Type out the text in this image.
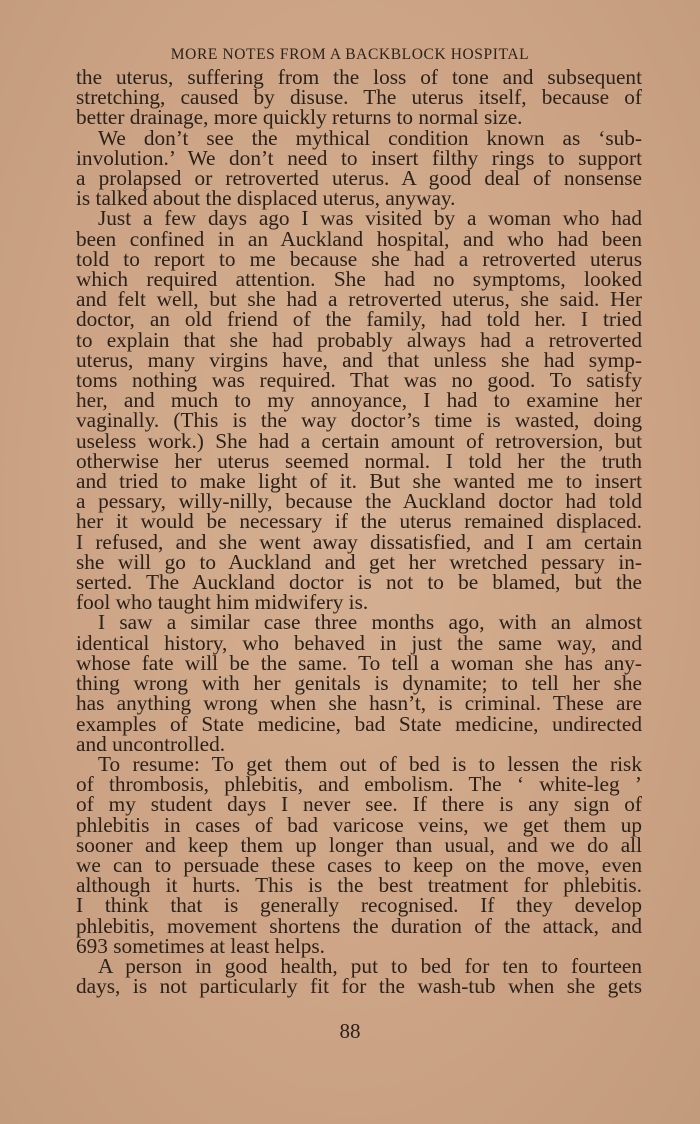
MORE NOTES FROM A BACKBLOCK HOSPITAL
the uterus, suffering from the loss of tone and subsequent
stretching, caused by disuse. The uterus itself, because of
better drainage, more quickly returns to normal size.
We don’t see the mythical condition known as ‘sub-
involution.’ We don’t need to insert filthy rings to support
a prolapsed or retroverted uterus. A good deal of nonsense
is talked about the displaced uterus, anyway.
Just a few days ago I was visited by a woman who had
been confined in an Auckland hospital, and who had been
told to report to me because she had a retroverted uterus
which required attention. She had no symptoms, looked
and felt well, but she had a retroverted uterus, she said. Her
doctor, an old friend of the family, had told her. I tried
to explain that she had probably always had a retroverted
uterus, many virgins have, and that unless she had symp-
toms nothing was required. That was no good. To satisfy
her, and much to my annoyance, I had to examine her
vaginally. (This is the way doctor’s time is wasted, doing
useless work.) She had a certain amount of retroversion, but
otherwise her uterus seemed normal. I told her the truth
and tried to make light of it. But she wanted me to insert
a pessary, willy-nilly, because the Auckland doctor had told
her it would be necessary if the uterus remained displaced.
I refused, and she went away dissatisfied, and I am certain
she will go to Auckland and get her wretched pessary in-
serted. The Auckland doctor is not to be blamed, but the
fool who taught him midwifery is.
I saw a similar case three months ago, with an almost
identical history, who behaved in just the same way, and
whose fate will be the same. To tell a woman she has any-
thing wrong with her genitals is dynamite; to tell her she
has anything wrong when she hasn’t, is criminal. These are
examples of State medicine, bad State medicine, undirected
and uncontrolled.
To resume: To get them out of bed is to lessen the risk
of thrombosis, phlebitis, and embolism. The ‘ white-leg ’
of my student days I never see. If there is any sign of
phlebitis in cases of bad varicose veins, we get them up
sooner and keep them up longer than usual, and we do all
we can to persuade these cases to keep on the move, even
although it hurts. This is the best treatment for phlebitis.
I think that is generally recognised. If they develop
phlebitis, movement shortens the duration of the attack, and
693 sometimes at least helps.
A person in good health, put to bed for ten to fourteen
days, is not particularly fit for the wash-tub when she gets
88
